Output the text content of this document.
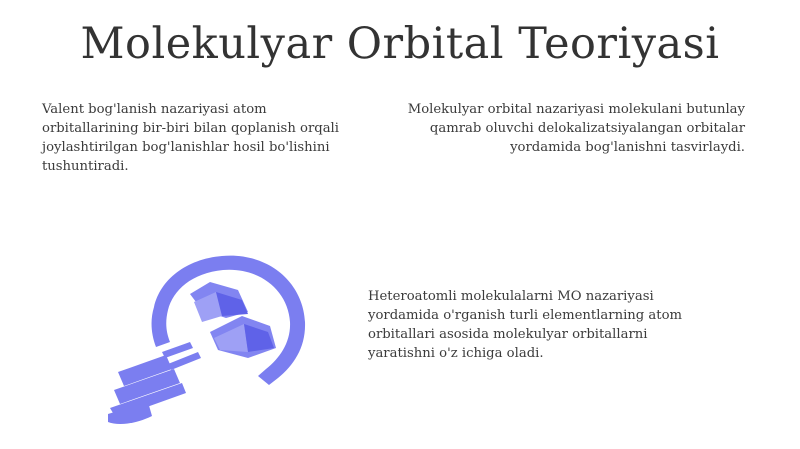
Molekulyar Orbital Teoriyasi

Valent bog'lanish nazariyasi atom orbitallarining bir-biri bilan qoplanish orqali joylashtirilgan bog'lanishlar hosil bo'lishini tushuntiradi.

Molekulyar orbital nazariyasi molekulani butunlay qamrab oluvchi delokalizatsiyalangan orbitalar yordamida bog'lanishni tasvirlaydi.

Heteroatomli molekulalarni MO nazariyasi yordamida o'rganish turli elementlarning atom orbitallari asosida molekulyar orbitallarni yaratishni o'z ichiga oladi.
